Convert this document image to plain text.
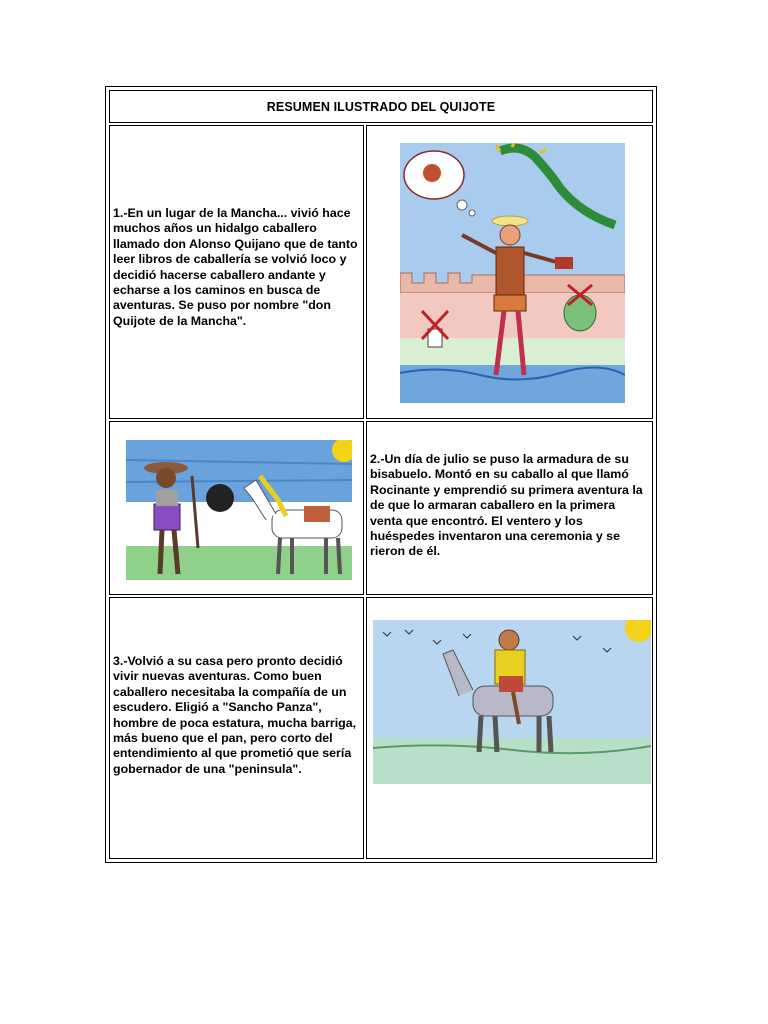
RESUMEN ILUSTRADO DEL QUIJOTE
1.-En un lugar de la Mancha... vivió hace muchos años un hidalgo caballero llamado don Alonso Quijano que de tanto leer libros de caballería se volvió loco y decidió hacerse caballero andante y echarse a los caminos en busca de aventuras. Se puso por nombre "don Quijote de la Mancha".
2.-Un día de julio se puso la armadura de su bisabuelo. Montó en su caballo al que llamó Rocinante y emprendió su primera aventura la de que lo armaran caballero en la primera venta que encontró. El ventero y los huéspedes inventaron una ceremonia y se rieron de él.
3.-Volvió a su casa pero pronto decidió vivir nuevas aventuras. Como buen caballero necesitaba la compañía de un escudero. Eligió a "Sancho Panza", hombre de poca estatura, mucha barriga, más bueno que el pan, pero corto del entendimiento al que prometió que sería gobernador de una "peninsula".
